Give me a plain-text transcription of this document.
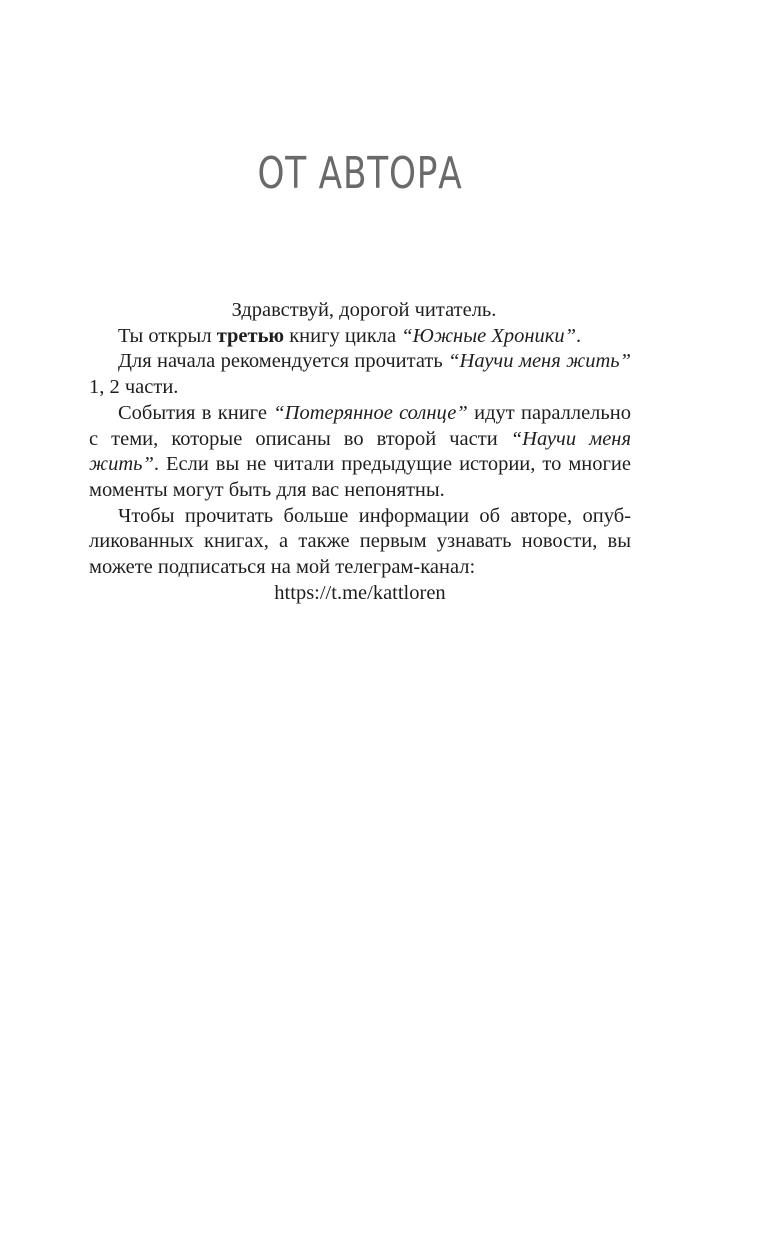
ОТ АВТОРА

Здравствуй, дорогой читатель.

Ты открыл третью книгу цикла “Южные Хроники”.

Для начала рекомендуется прочитать “Научи меня жить” 1, 2 части.

События в книге “Потерянное солнце” идут параллельно с теми, которые описаны во второй части “Научи меня жить”. Если вы не читали предыдущие истории, то многие моменты могут быть для вас непонятны.

Чтобы прочитать больше информации об авторе, опубликованных книгах, а также первым узнавать новости, вы можете подписаться на мой телеграм-канал:

https://t.me/kattloren
